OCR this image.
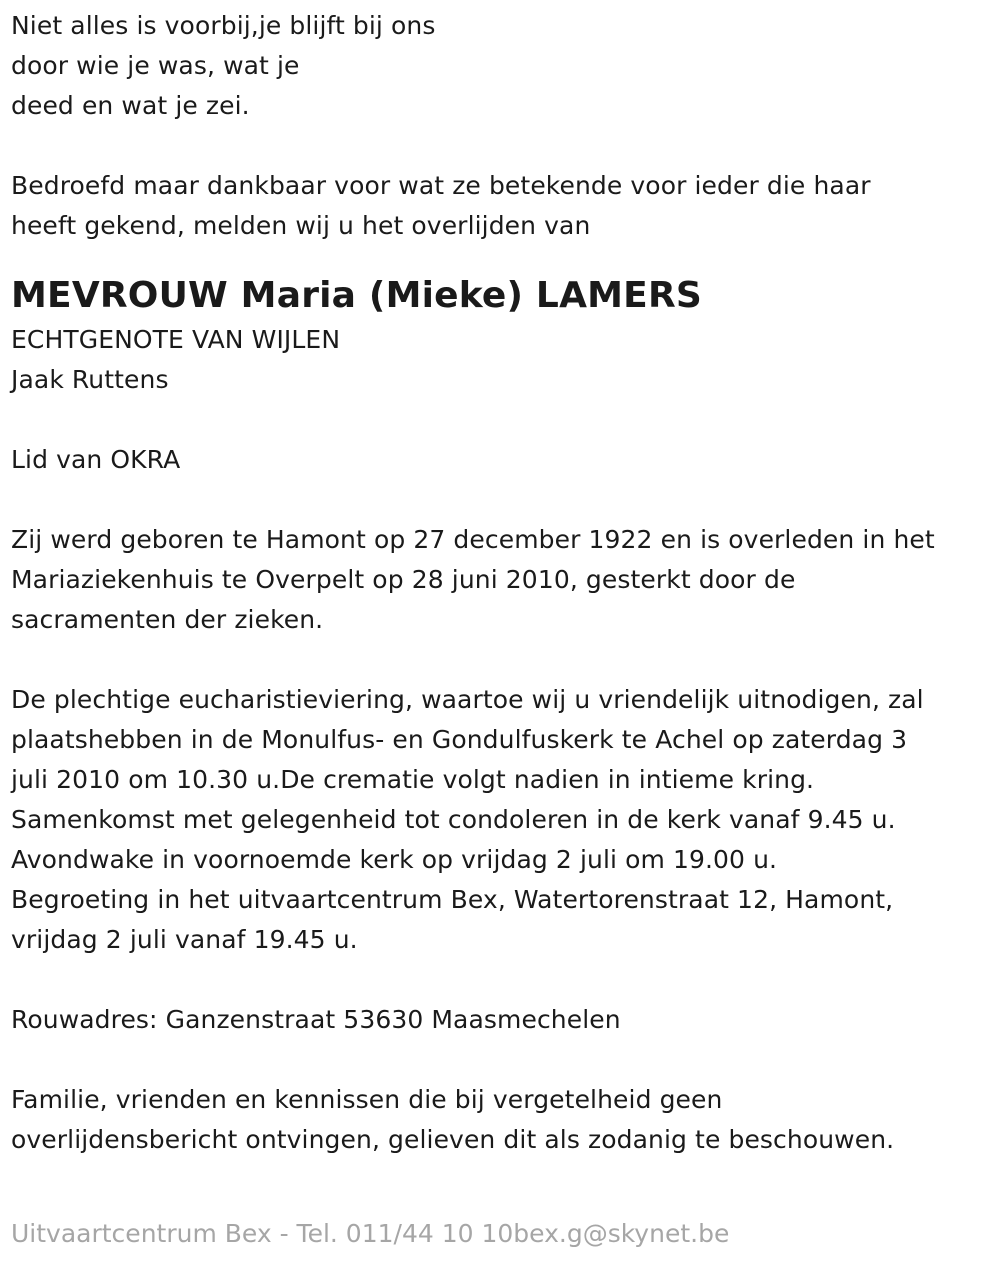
Niet alles is voorbij,je blijft bij ons
door wie je was, wat je
deed en wat je zei.
Bedroefd maar dankbaar voor wat ze betekende voor ieder die haar
heeft gekend, melden wij u het overlijden van
MEVROUW Maria (Mieke) LAMERS
ECHTGENOTE VAN WIJLEN
Jaak Ruttens
Lid van OKRA
Zij werd geboren te Hamont op 27 december 1922 en is overleden in het
Mariaziekenhuis te Overpelt op 28 juni 2010, gesterkt door de
sacramenten der zieken.
De plechtige eucharistieviering, waartoe wij u vriendelijk uitnodigen, zal
plaatshebben in de Monulfus- en Gondulfuskerk te Achel op zaterdag 3
juli 2010 om 10.30 u.De crematie volgt nadien in intieme kring.
Samenkomst met gelegenheid tot condoleren in de kerk vanaf 9.45 u.
Avondwake in voornoemde kerk op vrijdag 2 juli om 19.00 u.
Begroeting in het uitvaartcentrum Bex, Watertorenstraat 12, Hamont,
vrijdag 2 juli vanaf 19.45 u.
Rouwadres: Ganzenstraat 53630 Maasmechelen
Familie, vrienden en kennissen die bij vergetelheid geen
overlijdensbericht ontvingen, gelieven dit als zodanig te beschouwen.
Uitvaartcentrum Bex - Tel. 011/44 10 10bex.g@skynet.be
